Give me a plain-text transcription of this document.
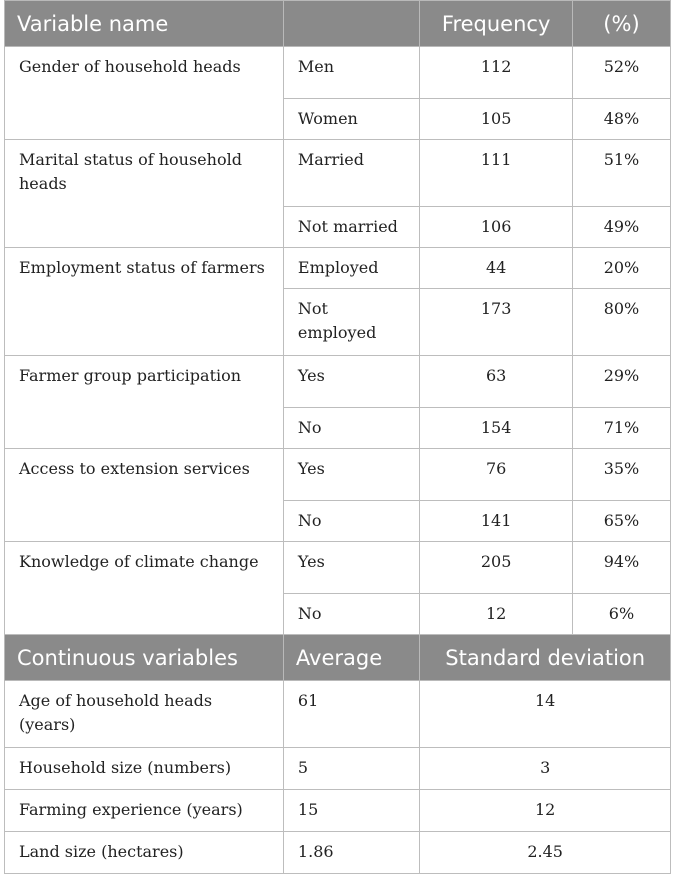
Variable name		Frequency	(%)
Gender of household heads	Men	112	52%
	Women	105	48%
Marital status of household heads	Married	111	51%
	Not married	106	49%
Employment status of farmers	Employed	44	20%
	Not employed	173	80%
Farmer group participation	Yes	63	29%
	No	154	71%
Access to extension services	Yes	76	35%
	No	141	65%
Knowledge of climate change	Yes	205	94%
	No	12	6%
Continuous variables	Average	Standard deviation	
Age of household heads (years)	61	14	
Household size (numbers)	5	3	
Farming experience (years)	15	12	
Land size (hectares)	1.86	2.45	
